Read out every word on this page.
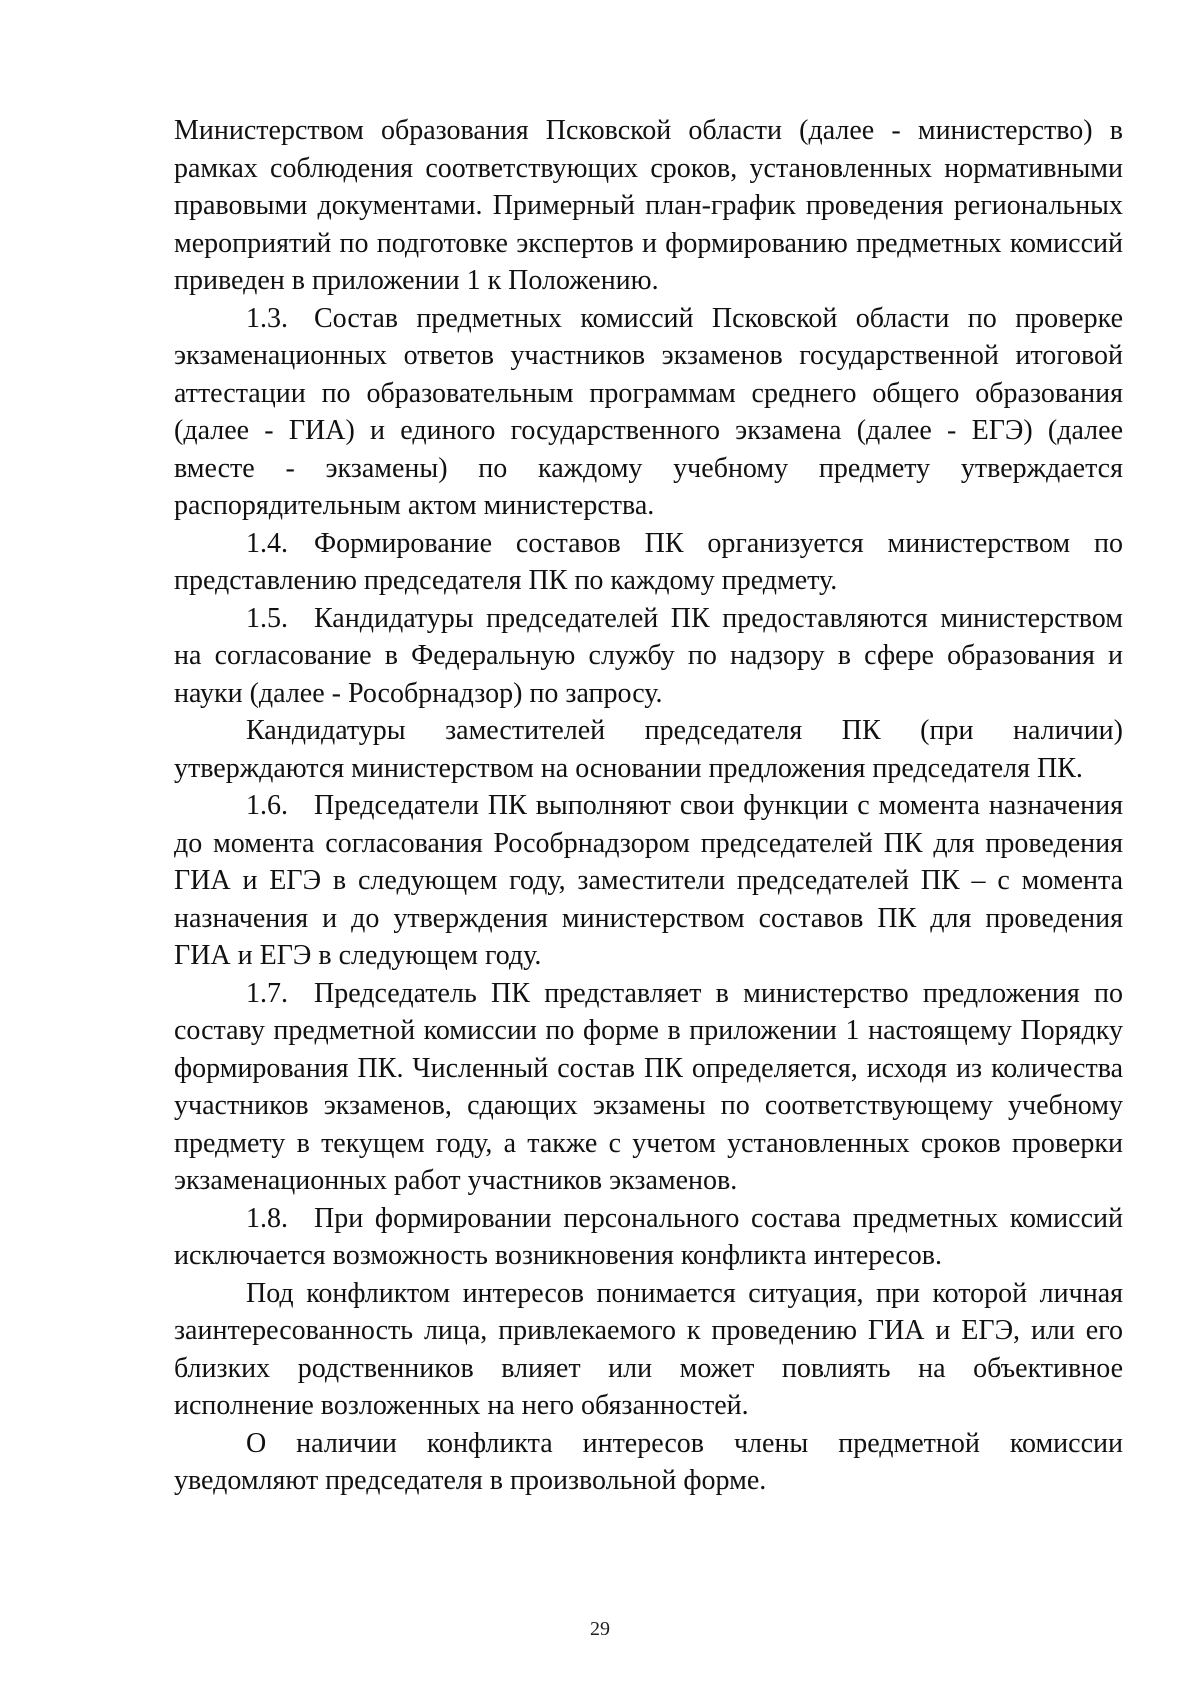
Министерством образования Псковской области (далее - министерство) в рамках соблюдения соответствующих сроков, установленных нормативными правовыми документами. Примерный план-график проведения региональных мероприятий по подготовке экспертов и формированию предметных комиссий приведен в приложении 1 к Положению.

1.3. Состав предметных комиссий Псковской области по проверке экзаменационных ответов участников экзаменов государственной итоговой аттестации по образовательным программам среднего общего образования (далее - ГИА) и единого государственного экзамена (далее - ЕГЭ) (далее вместе - экзамены) по каждому учебному предмету утверждается распорядительным актом министерства.

1.4. Формирование составов ПК организуется министерством по представлению председателя ПК по каждому предмету.

1.5. Кандидатуры председателей ПК предоставляются министерством на согласование в Федеральную службу по надзору в сфере образования и науки (далее - Рособрнадзор) по запросу.

Кандидатуры заместителей председателя ПК (при наличии) утверждаются министерством на основании предложения председателя ПК.

1.6. Председатели ПК выполняют свои функции с момента назначения до момента согласования Рособрнадзором председателей ПК для проведения ГИА и ЕГЭ в следующем году, заместители председателей ПК – с момента назначения и до утверждения министерством составов ПК для проведения ГИА и ЕГЭ в следующем году.

1.7. Председатель ПК представляет в министерство предложения по составу предметной комиссии по форме в приложении 1 настоящему Порядку формирования ПК. Численный состав ПК определяется, исходя из количества участников экзаменов, сдающих экзамены по соответствующему учебному предмету в текущем году, а также с учетом установленных сроков проверки экзаменационных работ участников экзаменов.

1.8. При формировании персонального состава предметных комиссий исключается возможность возникновения конфликта интересов.

Под конфликтом интересов понимается ситуация, при которой личная заинтересованность лица, привлекаемого к проведению ГИА и ЕГЭ, или его близких родственников влияет или может повлиять на объективное исполнение возложенных на него обязанностей.

О наличии конфликта интересов члены предметной комиссии уведомляют председателя в произвольной форме.

29
